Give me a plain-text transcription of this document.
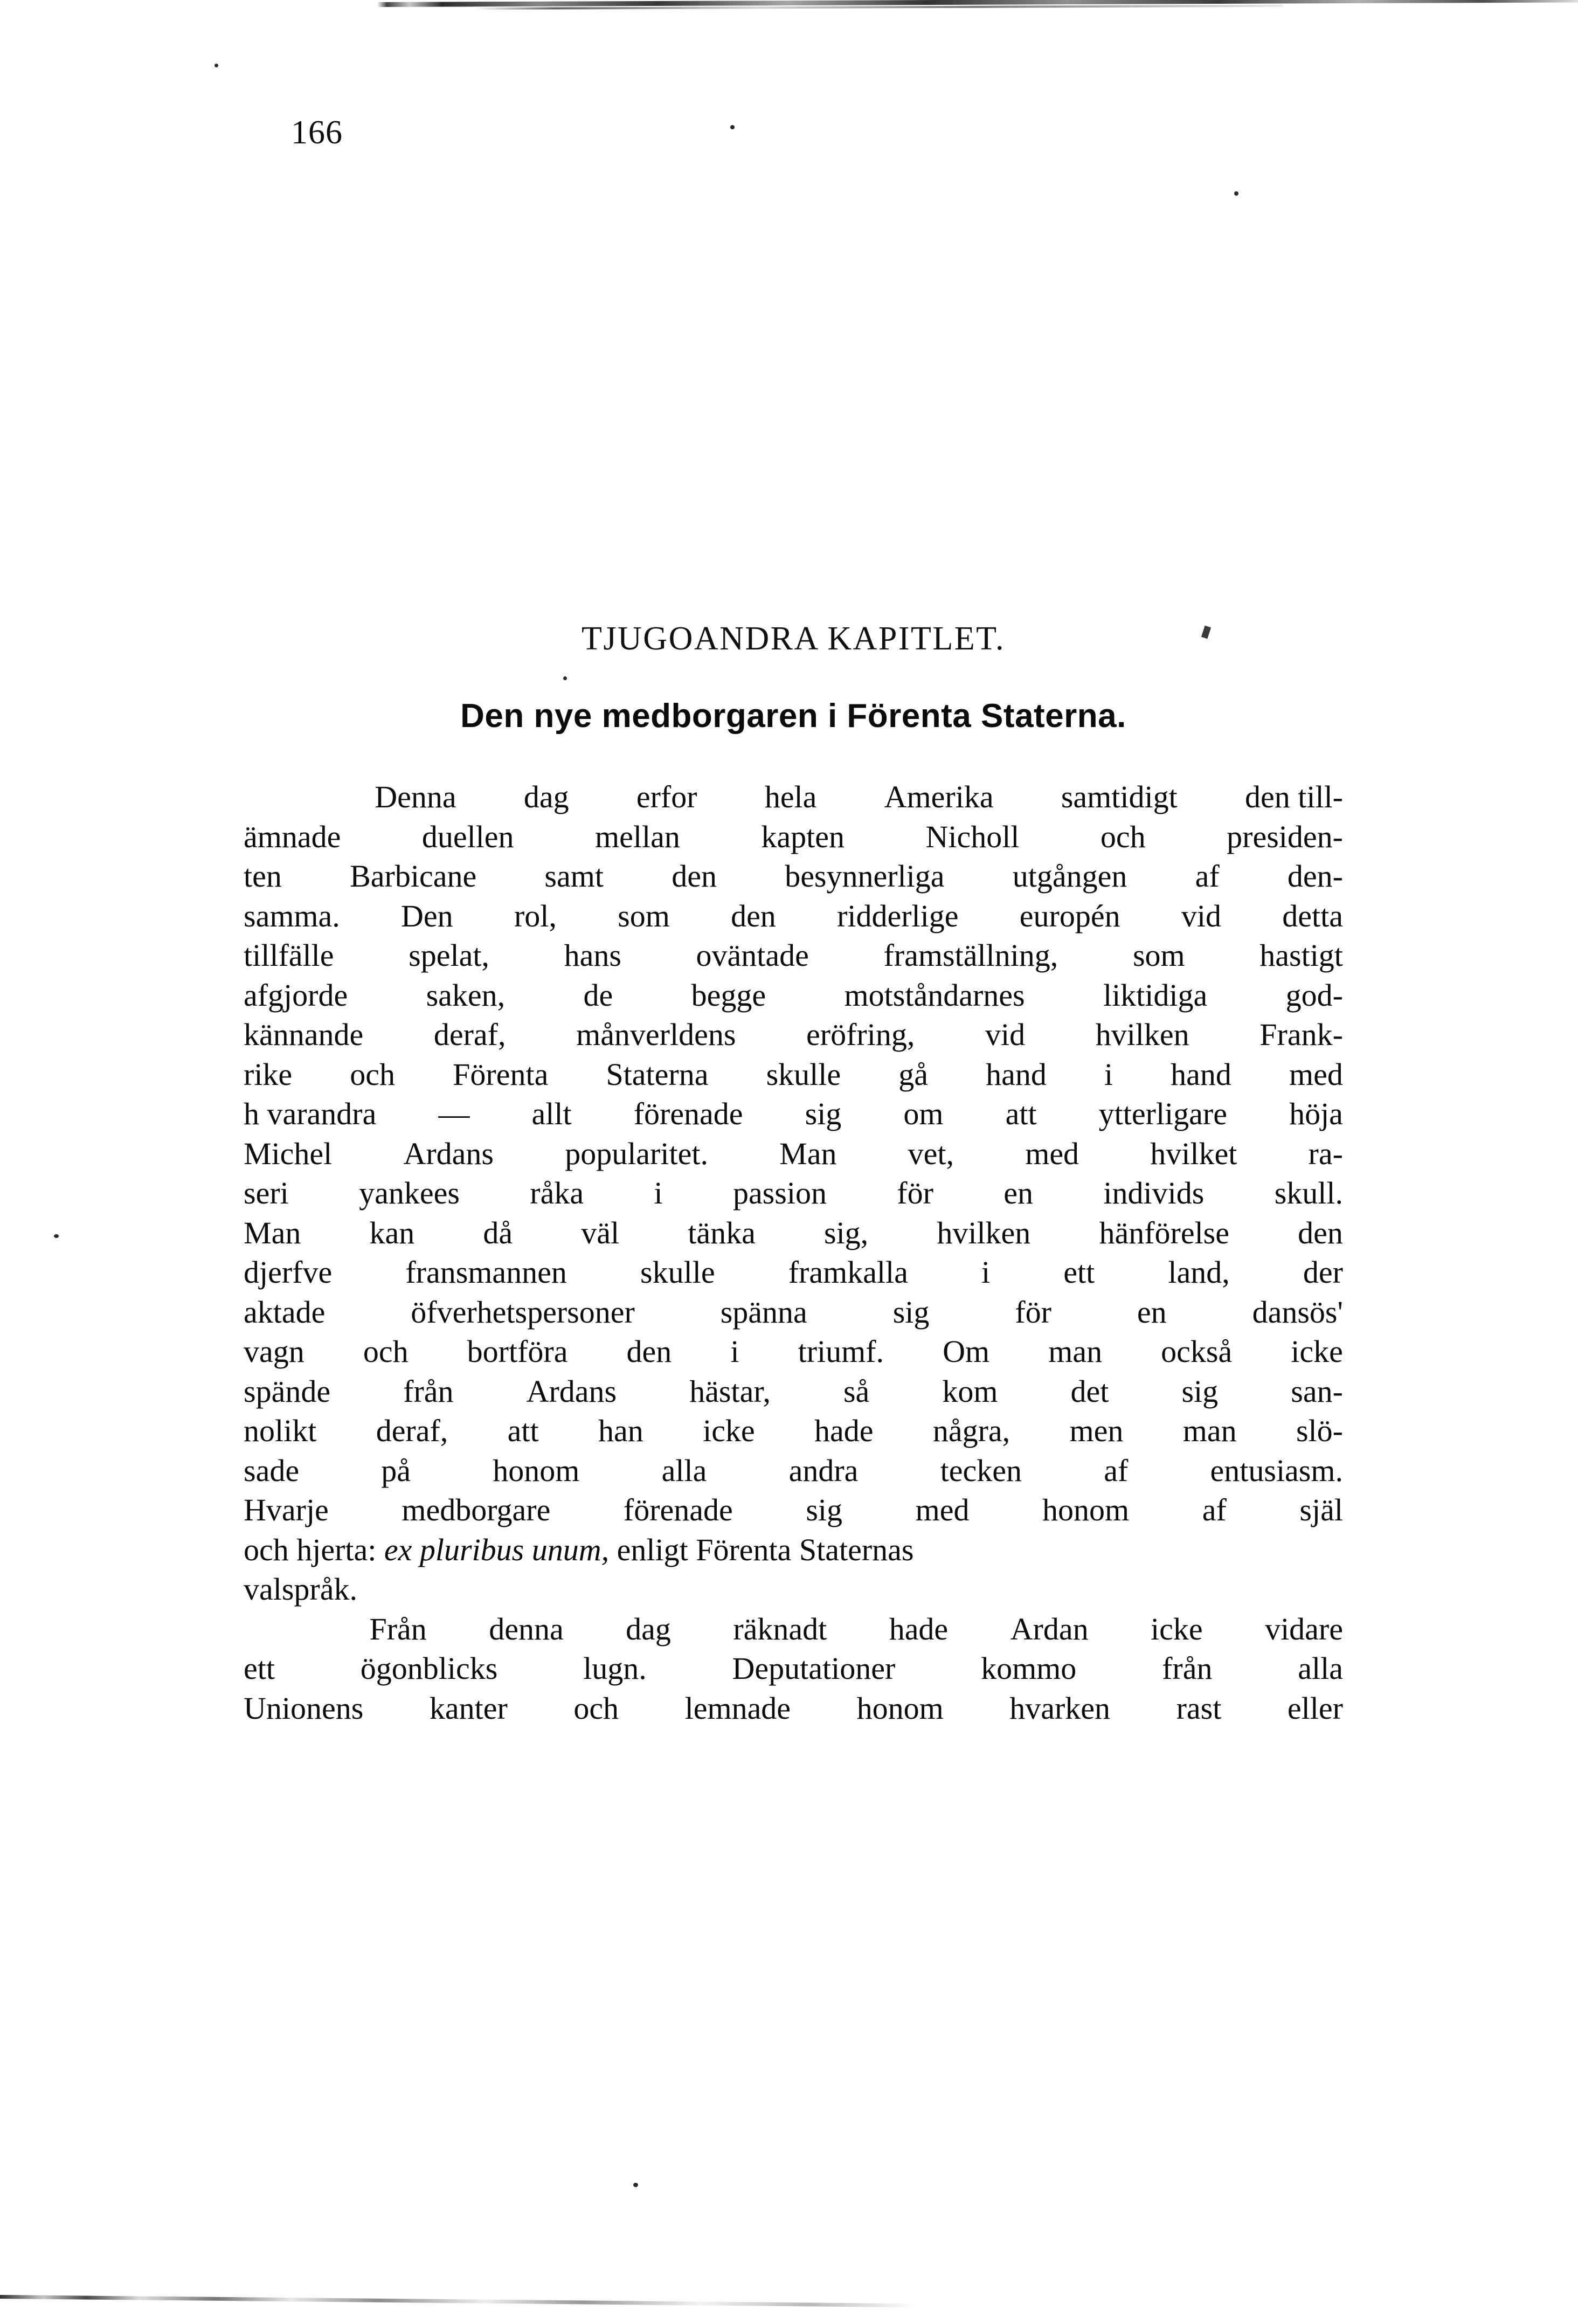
166
TJUGOANDRA KAPITLET.
Den nye medborgaren i Förenta Staterna.
Denna dag erfor hela Amerika samtidigt den till-
ämnade	duellen	mellan	kapten	Nicholl	och	presiden-
ten Barbicane samt den besynnerliga utgången af den-
samma. Den rol, som den ridderlige europén vid detta
tillfälle spelat, hans oväntade framställning, som hastigt
afgjorde	saken,	de	begge	motståndarnes	liktidiga	god-
kännande deraf, månverldens eröfring, vid hvilken Frank-
rike och Förenta Staterna skulle gå hand i hand med
h varandra — allt förenade sig om att ytterligare höja
Michel Ardans popularitet. Man vet, med hvilket ra-
seri yankees råka i passion för en individs skull.
Man kan då väl tänka sig, hvilken hänförelse den
djerfve fransmannen skulle framkalla i ett land, der
aktade	öfverhetspersoner	spänna	sig	för	en	dansös'
vagn och bortföra den i triumf. Om man också icke
spände från Ardans hästar, så kom det sig san-
nolikt deraf, att han icke hade några, men man slö-
sade	på	honom	alla	andra	tecken	af	entusiasm.
Hvarje medborgare förenade sig med honom af själ
och hjerta: ex pluribus unum, enligt Förenta Staternas
valspråk.
Från denna dag räknadt hade Ardan icke vidare
ett	ögonblicks	lugn.	Deputationer	kommo	från	alla
Unionens kanter och lemnade honom hvarken rast eller
